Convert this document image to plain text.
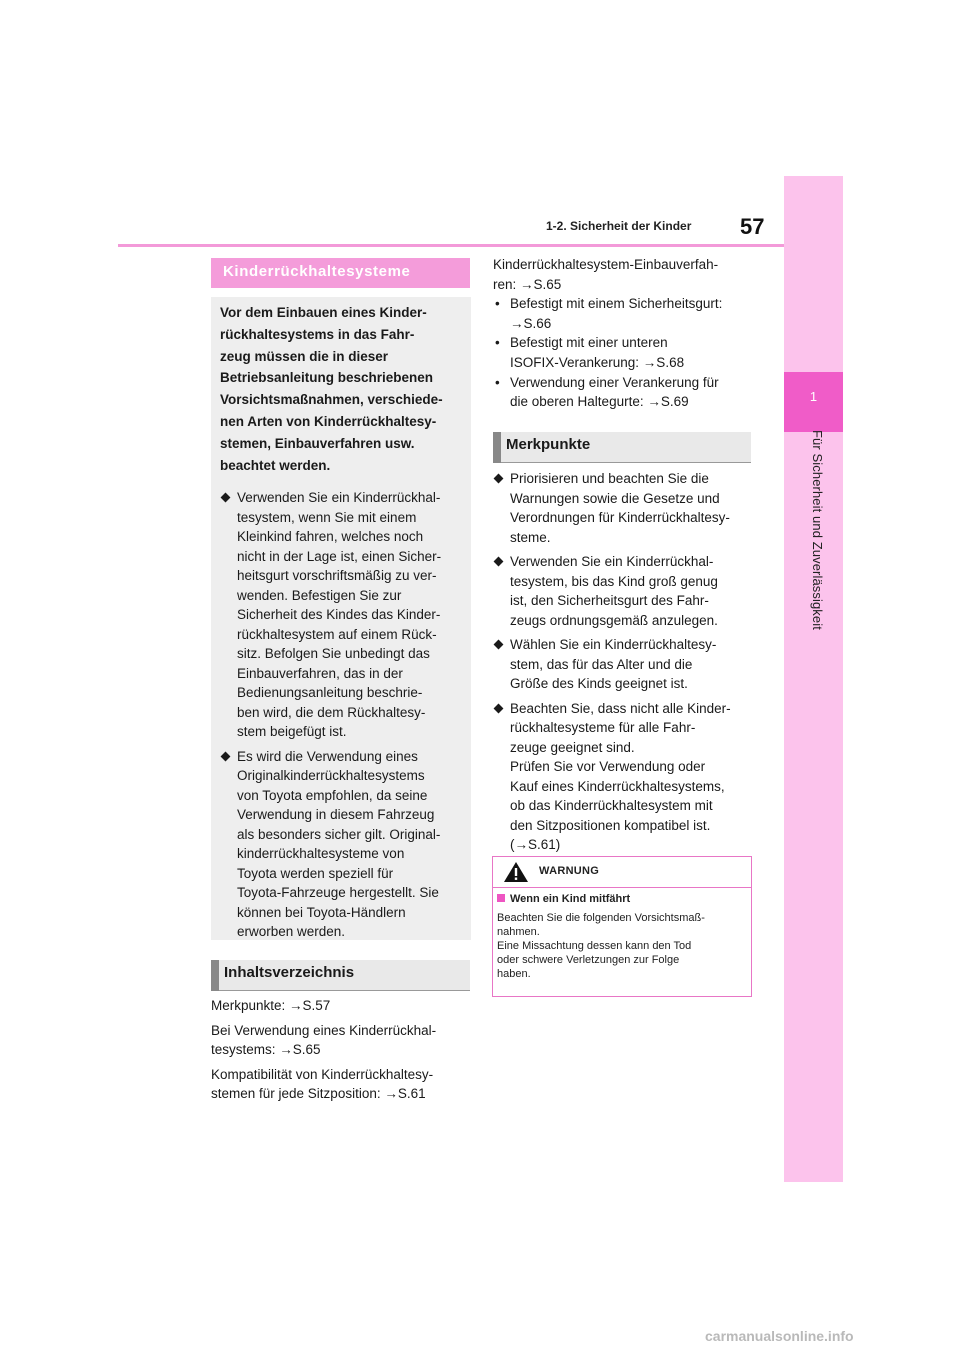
1
Für Sicherheit und Zuverlässigkeit
1-2. Sicherheit der Kinder 57
Kinderrückhaltesysteme
Vor dem Einbauen eines Kinder-
rückhaltesystems in das Fahr-
zeug müssen die in dieser
Betriebsanleitung beschriebenen
Vorsichtsmaßnahmen, verschiede-
nen Arten von Kinderrückhaltesy-
stemen, Einbauverfahren usw.
beachtet werden.
Verwenden Sie ein Kinderrückhal-
tesystem, wenn Sie mit einem
Kleinkind fahren, welches noch
nicht in der Lage ist, einen Sicher-
heitsgurt vorschriftsmäßig zu ver-
wenden. Befestigen Sie zur
Sicherheit des Kindes das Kinder-
rückhaltesystem auf einem Rück-
sitz. Befolgen Sie unbedingt das
Einbauverfahren, das in der
Bedienungsanleitung beschrie-
ben wird, die dem Rückhaltesy-
stem beigefügt ist.
Es wird die Verwendung eines
Originalkinderrückhaltesystems
von Toyota empfohlen, da seine
Verwendung in diesem Fahrzeug
als besonders sicher gilt. Original-
kinderrückhaltesysteme von
Toyota werden speziell für
Toyota-Fahrzeuge hergestellt. Sie
können bei Toyota-Händlern
erworben werden.
Inhaltsverzeichnis

Merkpunkte: →S.57

Bei Verwendung eines Kinderrückhal-
tesystems: →S.65

Kompatibilität von Kinderrückhaltesy-
stemen für jede Sitzposition: →S.61

Kinderrückhaltesystem-Einbauverfah-

ren: →S.65

• Befestigt mit einem Sicherheitsgurt:
→S.66
• Befestigt mit einer unteren
ISOFIX-Verankerung: →S.68
• Verwendung einer Verankerung für
die oberen Haltegurte: →S.69
Merkpunkte
Priorisieren und beachten Sie die
Warnungen sowie die Gesetze und
Verordnungen für Kinderrückhaltesy-
steme.
Verwenden Sie ein Kinderrückhal-
tesystem, bis das Kind groß genug
ist, den Sicherheitsgurt des Fahr-
zeugs ordnungsgemäß anzulegen.
Wählen Sie ein Kinderrückhaltesy-
stem, das für das Alter und die
Größe des Kinds geeignet ist.
Beachten Sie, dass nicht alle Kinder-
rückhaltesysteme für alle Fahr-
zeuge geeignet sind.
Prüfen Sie vor Verwendung oder
Kauf eines Kinderrückhaltesystems,
ob das Kinderrückhaltesystem mit
den Sitzpositionen kompatibel ist.
(→S.61)
WARNUNG
Wenn ein Kind mitfährt
Beachten Sie die folgenden Vorsichtsmaß-
nahmen.
Eine Missachtung dessen kann den Tod
oder schwere Verletzungen zur Folge
haben.
carmanualsonline.info
